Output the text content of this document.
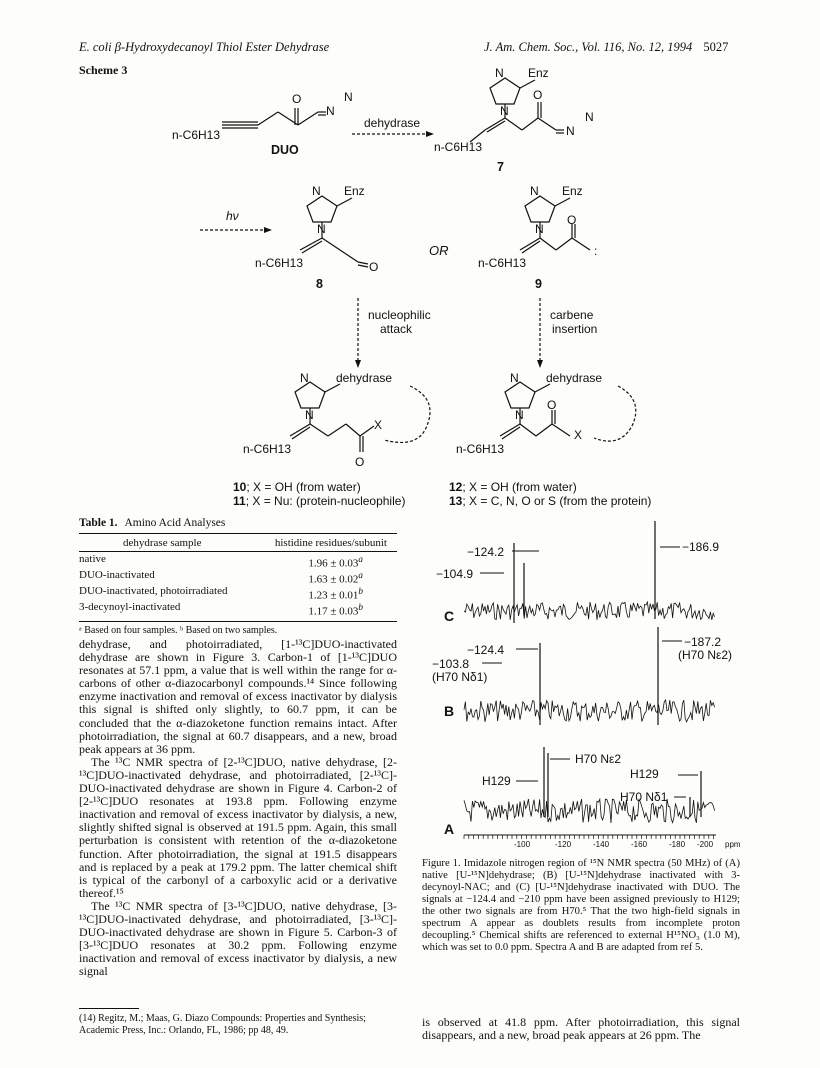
E. coli β-Hydroxydecanoyl Thiol Ester Dehydrase	J. Am. Chem. Soc., Vol. 116, No. 12, 1994 5027
Scheme 3
n-C6H13
O
N
N
DUO
dehydrase
N Enz
N
n-C6H13
O
N
N
7
hν
N Enz
N
n-C6H13	O
8
OR
N Enz
N
n-C6H13
O
:
9
nucleophilic
attack
carbene
insertion
N dehydrase
N
n-C6H13
X
O
N dehydrase
N
n-C6H13
O
X
10; X = OH (from water)
11; X = Nu: (protein-nucleophile)
12; X = OH (from water)
13; X = C, N, O or S (from the protein)
Table 1. Amino Acid Analyses
dehydrase sample	histidine residues/subunit
native	1.96 ± 0.03$^a$
DUO-inactivated	1.63 ± 0.02$^a$
DUO-inactivated, photoirradiated	1.23 ± 0.01$^b$
3-decynoyl-inactivated	1.17 ± 0.03$^b$
ᵃ Based on four samples. ᵇ Based on two samples.

dehydrase, and photoirradiated, [1-¹³C]DUO-inactivated dehydrase are shown in Figure 3. Carbon-1 of [1-¹³C]DUO resonates at 57.1 ppm, a value that is well within the range for α-carbons of other α-diazocarbonyl compounds.¹⁴ Since following enzyme inactivation and removal of excess inactivator by dialysis this signal is shifted only slightly, to 60.7 ppm, it can be concluded that the α-diazoketone function remains intact. After photoirradiation, the signal at 60.7 disappears, and a new, broad peak appears at 36 ppm.

The ¹³C NMR spectra of [2-¹³C]DUO, native dehydrase, [2-¹³C]DUO-inactivated dehydrase, and photoirradiated, [2-¹³C]-DUO-inactivated dehydrase are shown in Figure 4. Carbon-2 of [2-¹³C]DUO resonates at 193.8 ppm. Following enzyme inactivation and removal of excess inactivator by dialysis, a new, slightly shifted signal is observed at 191.5 ppm. Again, this small perturbation is consistent with retention of the α-diazoketone function. After photoirradiation, the signal at 191.5 disappears and is replaced by a peak at 179.2 ppm. The latter chemical shift is typical of the carbonyl of a carboxylic acid or a derivative thereof.¹⁵

The ¹³C NMR spectra of [3-¹³C]DUO, native dehydrase, [3-¹³C]DUO-inactivated dehydrase, and photoirradiated, [3-¹³C]-DUO-inactivated dehydrase are shown in Figure 5. Carbon-3 of [3-¹³C]DUO resonates at 30.2 ppm. Following enzyme inactivation and removal of excess inactivator by dialysis, a new signal

(14) Regitz, M.; Maas, G. Diazo Compounds: Properties and Synthesis; Academic Press, Inc.: Orlando, FL, 1986; pp 48, 49.
−124.2
−104.9
−186.9
C
−124.4
−103.8
(H70 Nδ1)
−187.2
(H70 Nε2)
B
H70 Nε2
H129	H129
H70 Nδ1
A
-100	-120	-140	-160	-180 -200 ppm
Figure 1. Imidazole nitrogen region of ¹⁵N NMR spectra (50 MHz) of (A) native [U-¹⁵N]dehydrase; (B) [U-¹⁵N]dehydrase inactivated with 3-decynoyl-NAC; and (C) [U-¹⁵N]dehydrase inactivated with DUO. The signals at −124.4 and −210 ppm have been assigned previously to H129; the other two signals are from H70.⁵ That the two high-field signals in spectrum A appear as doublets results from incomplete proton decoupling.⁵ Chemical shifts are referenced to external H¹⁵NO₃ (1.0 M), which was set to 0.0 ppm. Spectra A and B are adapted from ref 5.
is observed at 41.8 ppm. After photoirradiation, this signal disappears, and a new, broad peak appears at 26 ppm. The
